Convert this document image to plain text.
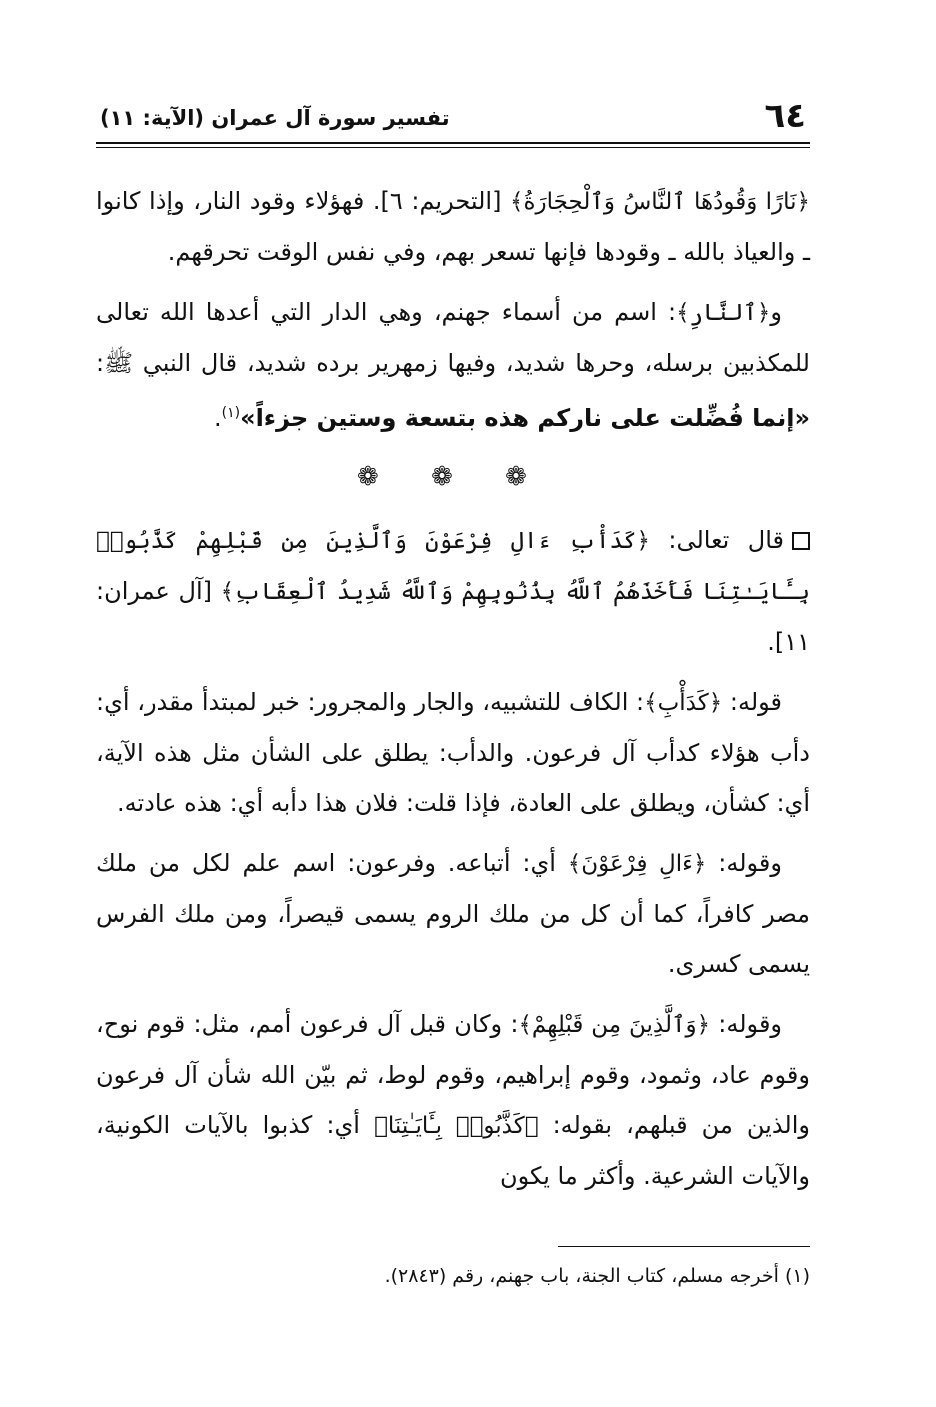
٦٤
تفسير سورة آل عمران (الآية: ١١)

﴿نَارًا وَقُودُهَا ٱلنَّاسُ وَٱلْحِجَارَةُ﴾ [التحريم: ٦]. فهؤلاء وقود النار، وإذا كانوا ـ والعياذ بالله ـ وقودها فإنها تسعر بهم، وفي نفس الوقت تحرقهم.

و﴿ٱلنَّارِ﴾: اسم من أسماء جهنم، وهي الدار التي أعدها الله تعالى للمكذبين برسله، وحرها شديد، وفيها زمهرير برده شديد، قال النبي ﷺ: «إنما فُضِّلت على ناركم هذه بتسعة وستين جزءاً»$^{(١)}$.

❁ ❁ ❁

قال تعالى: ﴿كَدَأْبِ ءَالِ فِرْعَوْنَ وَٱلَّذِينَ مِن قَبْلِهِمْ كَذَّبُوا۟ بِـَٔايَـٰتِنَا فَأَخَذَهُمُ ٱللَّهُ بِذُنُوبِهِمْ وَٱللَّهُ شَدِيدُ ٱلْعِقَابِ﴾ [آل عمران: ١١].

قوله: ﴿كَدَأْبِ﴾: الكاف للتشبيه، والجار والمجرور: خبر لمبتدأ مقدر، أي: دأب هؤلاء كدأب آل فرعون. والدأب: يطلق على الشأن مثل هذه الآية، أي: كشأن، ويطلق على العادة، فإذا قلت: فلان هذا دأبه أي: هذه عادته.

وقوله: ﴿ءَالِ فِرْعَوْنَ﴾ أي: أتباعه. وفرعون: اسم علم لكل من ملك مصر كافراً، كما أن كل من ملك الروم يسمى قيصراً، ومن ملك الفرس يسمى كسرى.

وقوله: ﴿وَٱلَّذِينَ مِن قَبْلِهِمْ﴾: وكان قبل آل فرعون أمم، مثل: قوم نوح، وقوم عاد، وثمود، وقوم إبراهيم، وقوم لوط، ثم بيّن الله شأن آل فرعون والذين من قبلهم، بقوله: ﴿كَذَّبُوا۟ بِـَٔايَـٰتِنَا﴾ أي: كذبوا بالآيات الكونية، والآيات الشرعية. وأكثر ما يكون

(١) أخرجه مسلم، كتاب الجنة، باب جهنم، رقم (٢٨٤٣).
